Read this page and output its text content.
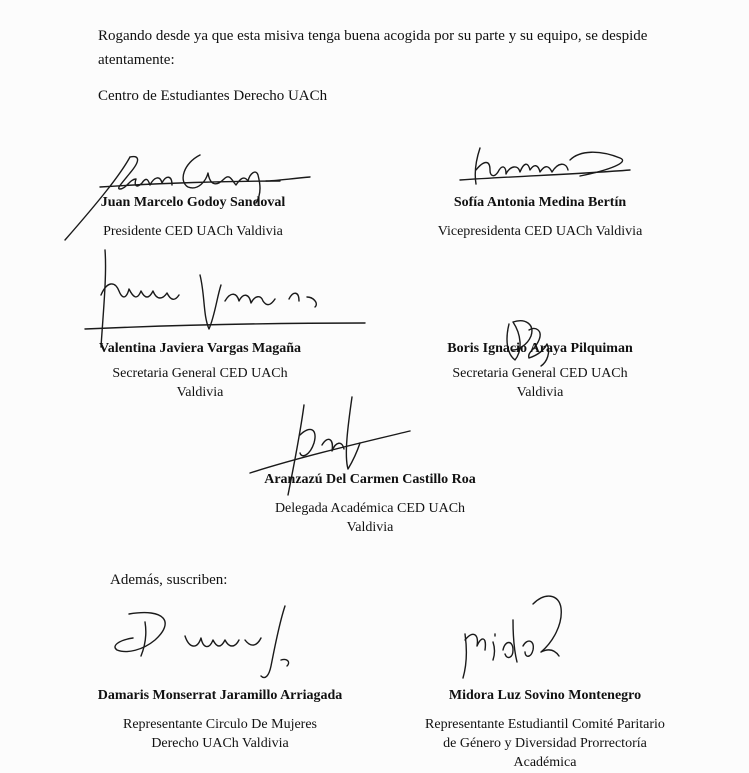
Rogando desde ya que esta misiva tenga buena acogida por su parte y su equipo, se despide
atentamente:
Centro de Estudiantes Derecho UACh
Juan Marcelo Godoy Sandoval
Presidente CED UACh Valdivia
Sofía Antonia Medina Bertín
Vicepresidenta CED UACh Valdivia
Valentina Javiera Vargas Magaña
Secretaria General CED UACh
Valdivia
Boris Ignacio Araya Pilquiman
Secretaria General CED UACh
Valdivia
Aranzazú Del Carmen Castillo Roa
Delegada Académica CED UACh
Valdivia
Además, suscriben:
Damaris Monserrat Jaramillo Arriagada
Representante Circulo De Mujeres
Derecho UACh Valdivia
Midora Luz Sovino Montenegro
Representante Estudiantil Comité Paritario
de Género y Diversidad Prorrectoría
Académica
